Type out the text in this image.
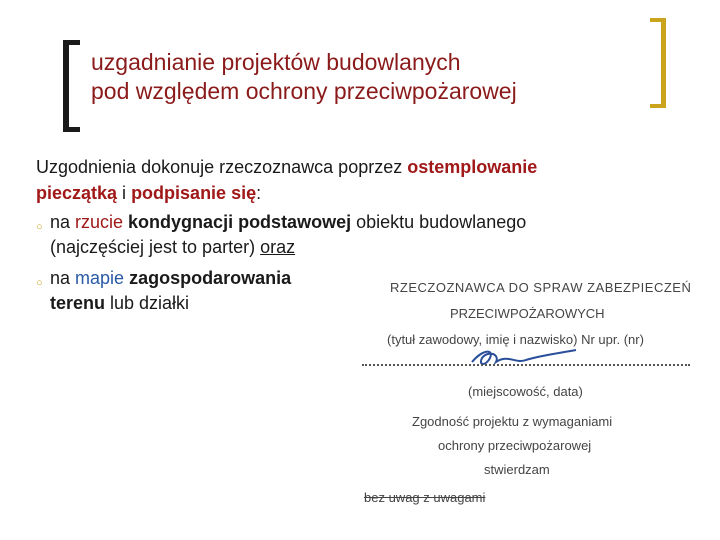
uzgadnianie projektów budowlanych
pod względem ochrony przeciwpożarowej
Uzgodnienia dokonuje rzeczoznawca poprzez ostemplowanie
pieczątką i podpisanie się:
○ na rzucie kondygnacji podstawowej obiektu budowlanego
(najczęściej jest to parter) oraz
○ na mapie zagospodarowania
terenu lub działki
RZECZOZNAWCA DO SPRAW ZABEZPIECZEŃ
PRZECIWPOŻAROWYCH
(tytuł zawodowy, imię i nazwisko) Nr upr. (nr)
(miejscowość, data)
Zgodność projektu z wymaganiami
ochrony przeciwpożarowej
stwierdzam
bez uwag z uwagami
